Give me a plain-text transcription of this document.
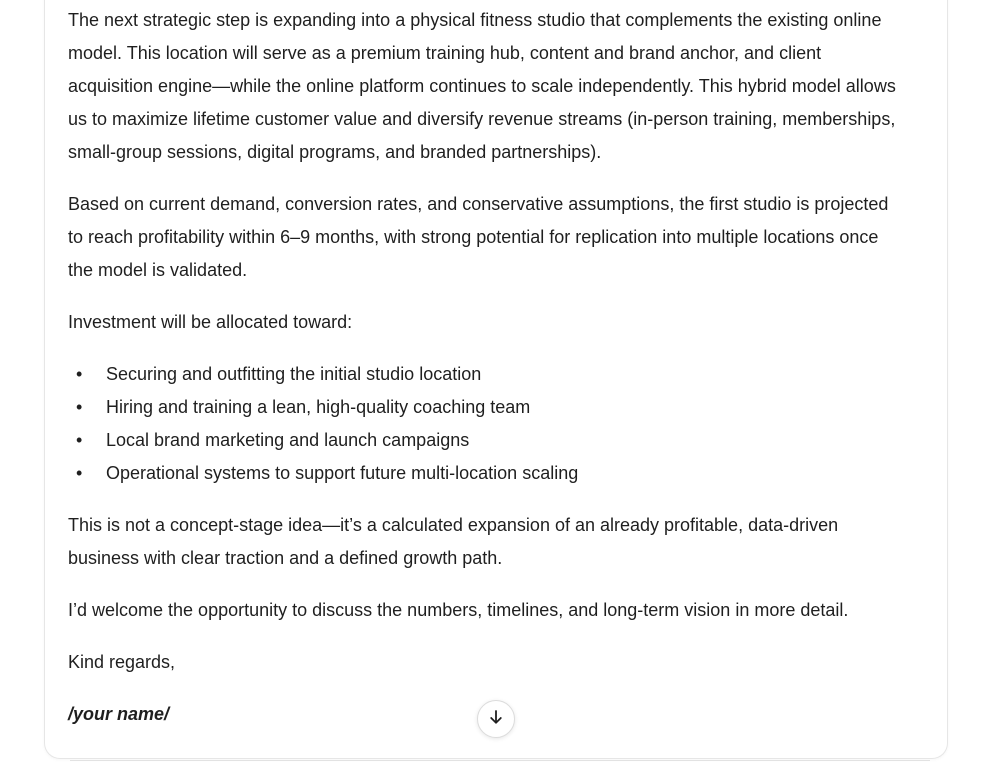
The next strategic step is expanding into a physical fitness studio that complements the existing online model. This location will serve as a premium training hub, content and brand anchor, and client acquisition engine—while the online platform continues to scale independently. This hybrid model allows us to maximize lifetime customer value and diversify revenue streams (in-person training, memberships, small-group sessions, digital programs, and branded partnerships).

Based on current demand, conversion rates, and conservative assumptions, the first studio is projected to reach profitability within 6–9 months, with strong potential for replication into multiple locations once the model is validated.

Investment will be allocated toward:

• Securing and outfitting the initial studio location
• Hiring and training a lean, high-quality coaching team
• Local brand marketing and launch campaigns
• Operational systems to support future multi-location scaling

This is not a concept-stage idea—it’s a calculated expansion of an already profitable, data-driven business with clear traction and a defined growth path.

I’d welcome the opportunity to discuss the numbers, timelines, and long-term vision in more detail.

Kind regards,

/your name/
